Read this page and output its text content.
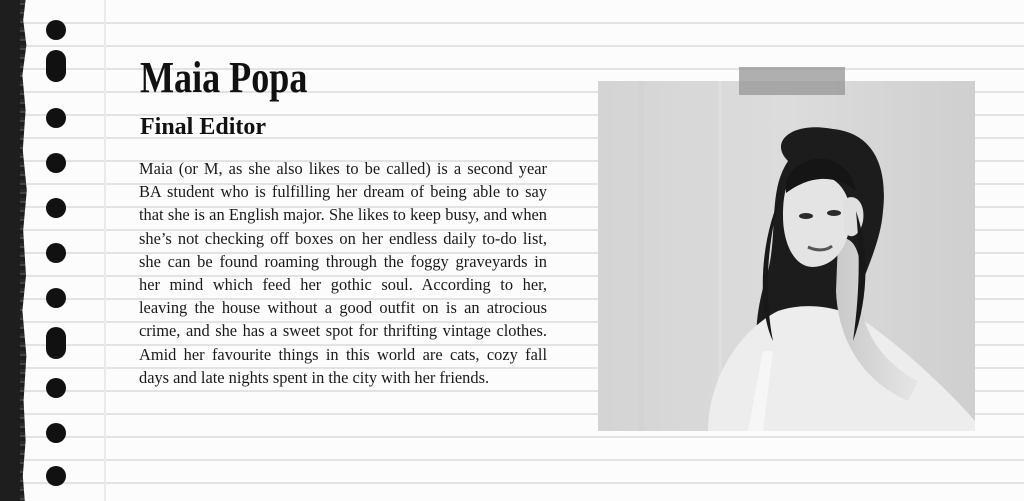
Maia Popa
Final Editor

Maia (or M, as she also likes to be called) is a second year BA student who is fulfilling her dream of being able to say that she is an English major. She likes to keep busy, and when she’s not checking off boxes on her endless daily to-do list, she can be found roaming through the foggy graveyards in her mind which feed her gothic soul. According to her, leaving the house without a good outfit on is an atrocious crime, and she has a sweet spot for thrifting vintage clothes. Amid her favourite things in this world are cats, cozy fall days and late nights spent in the city with her friends.
